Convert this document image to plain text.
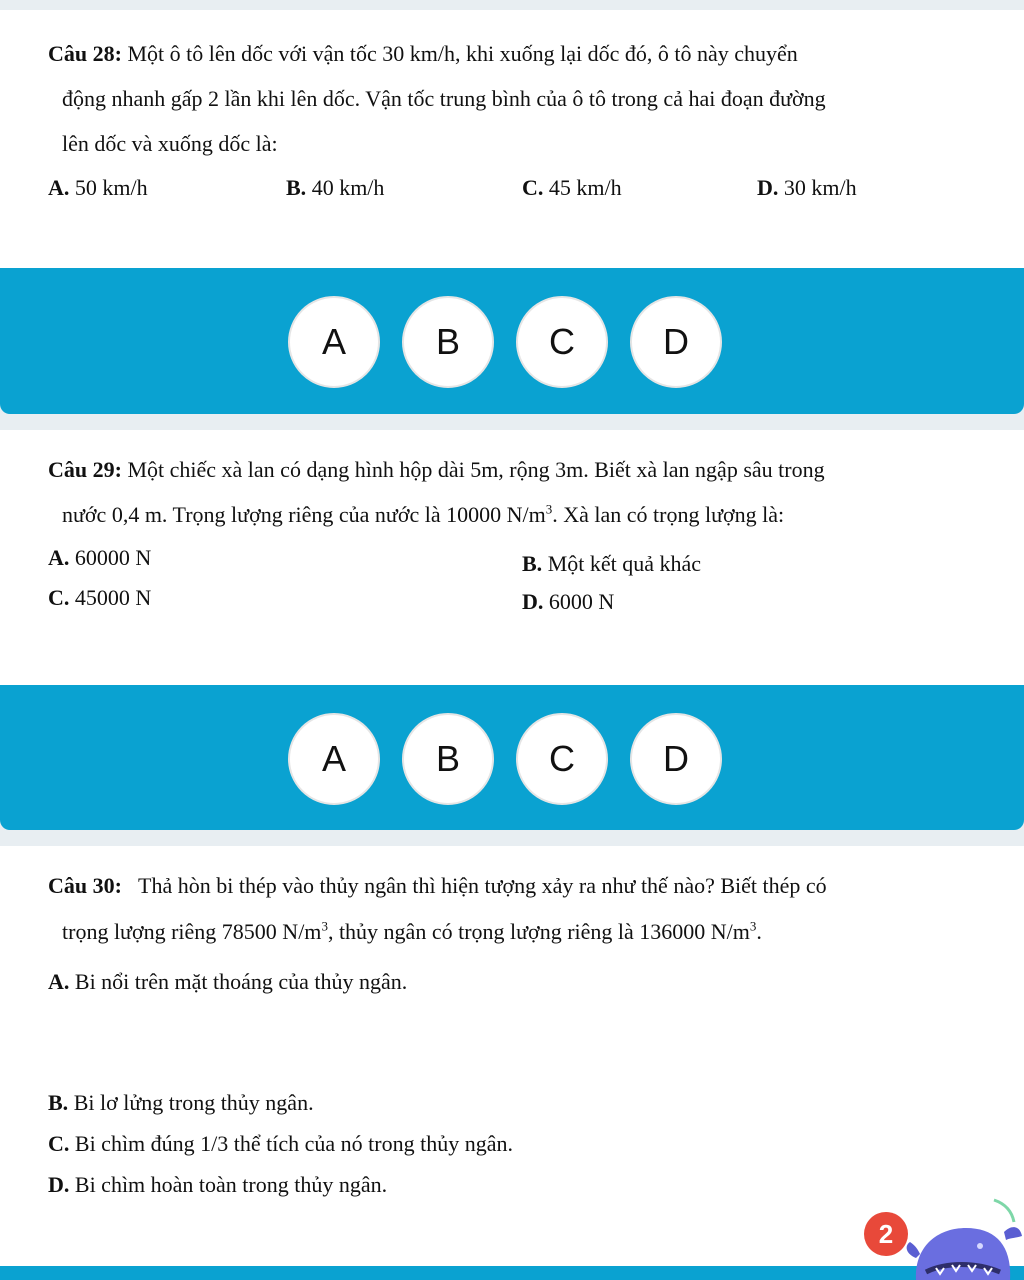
Câu 28: Một ô tô lên dốc với vận tốc 30 km/h, khi xuống lại dốc đó, ô tô này chuyển
động nhanh gấp 2 lần khi lên dốc. Vận tốc trung bình của ô tô trong cả hai đoạn đường
lên dốc và xuống dốc là:
A. 50 km/h	B. 40 km/h	C. 45 km/h	D. 30 km/h
A	B	C	D
Câu 29: Một chiếc xà lan có dạng hình hộp dài 5m, rộng 3m. Biết xà lan ngập sâu trong
nước 0,4 m. Trọng lượng riêng của nước là 10000 $N/m^3$. Xà lan có trọng lượng là:
A. 60000 N	B. Một kết quả khác
C. 45000 N	D. 6000 N
A	B	C	D
Câu 30:   Thả hòn bi thép vào thủy ngân thì hiện tượng xảy ra như thế nào? Biết thép có
trọng lượng riêng 78500 $N/m^3$, thủy ngân có trọng lượng riêng là 136000 $N/m^3$.
A. Bi nổi trên mặt thoáng của thủy ngân.
B. Bi lơ lửng trong thủy ngân.
C. Bi chìm đúng 1/3 thể tích của nó trong thủy ngân.
D. Bi chìm hoàn toàn trong thủy ngân.
2
